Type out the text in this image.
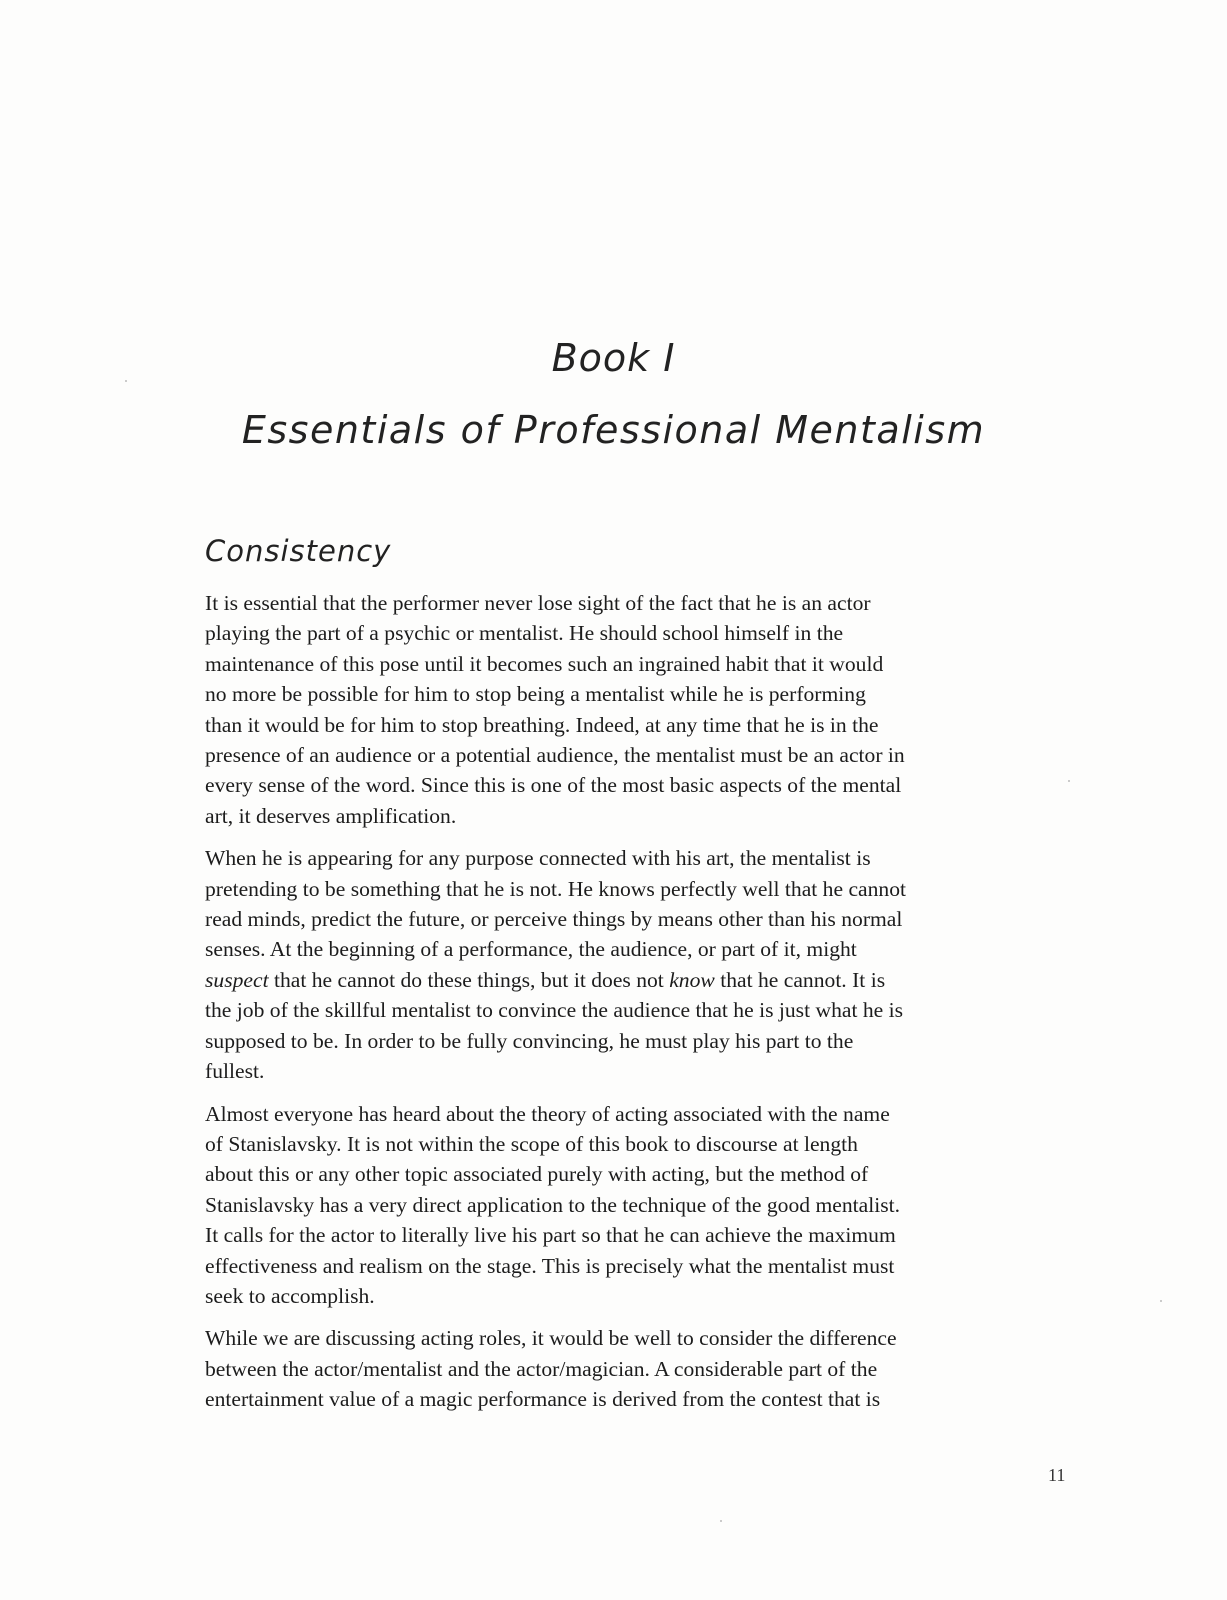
Book I
Essentials of Professional Mentalism
Consistency

It is essential that the performer never lose sight of the fact that he is an actor
playing the part of a psychic or mentalist. He should school himself in the
maintenance of this pose until it becomes such an ingrained habit that it would
no more be possible for him to stop being a mentalist while he is performing
than it would be for him to stop breathing. Indeed, at any time that he is in the
presence of an audience or a potential audience, the mentalist must be an actor in
every sense of the word. Since this is one of the most basic aspects of the mental
art, it deserves amplification.

When he is appearing for any purpose connected with his art, the mentalist is
pretending to be something that he is not. He knows perfectly well that he cannot
read minds, predict the future, or perceive things by means other than his normal
senses. At the beginning of a performance, the audience, or part of it, might
suspect that he cannot do these things, but it does not know that he cannot. It is
the job of the skillful mentalist to convince the audience that he is just what he is
supposed to be. In order to be fully convincing, he must play his part to the
fullest.

Almost everyone has heard about the theory of acting associated with the name
of Stanislavsky. It is not within the scope of this book to discourse at length
about this or any other topic associated purely with acting, but the method of
Stanislavsky has a very direct application to the technique of the good mentalist.
It calls for the actor to literally live his part so that he can achieve the maximum
effectiveness and realism on the stage. This is precisely what the mentalist must
seek to accomplish.

While we are discussing acting roles, it would be well to consider the difference
between the actor/mentalist and the actor/magician. A considerable part of the
entertainment value of a magic performance is derived from the contest that is

11
